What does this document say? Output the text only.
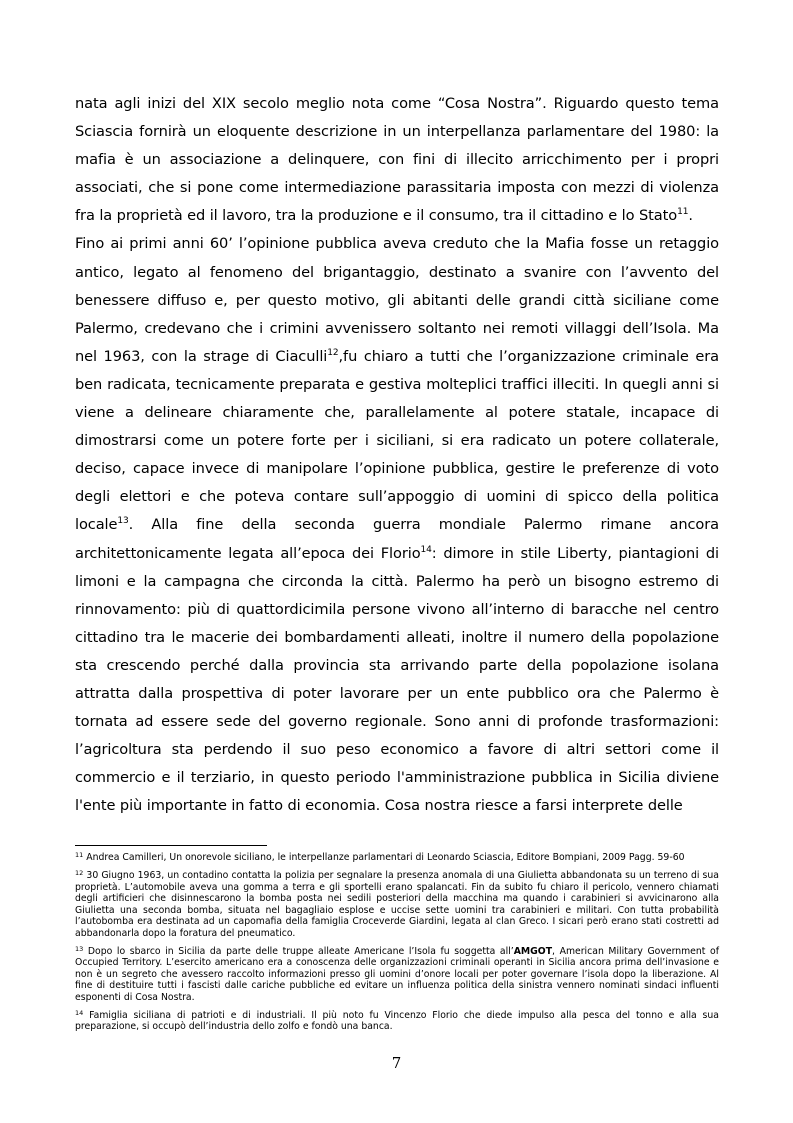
nata agli inizi del XIX secolo meglio nota come “Cosa Nostra”. Riguardo questo tema Sciascia fornirà un eloquente descrizione in un interpellanza parlamentare del 1980: la mafia è un associazione a delinquere, con fini di illecito arricchimento per i propri associati, che si pone come intermediazione parassitaria imposta con mezzi di violenza fra la proprietà ed il lavoro, tra la produzione e il consumo, tra il cittadino e lo Stato$^{11}$.

Fino ai primi anni 60’ l’opinione pubblica aveva creduto che la Mafia fosse un retaggio antico, legato al fenomeno del brigantaggio, destinato a svanire con l’avvento del benessere diffuso e, per questo motivo, gli abitanti delle grandi città siciliane come Palermo, credevano che i crimini avvenissero soltanto nei remoti villaggi dell’Isola. Ma nel 1963, con la strage di Ciaculli$^{12}$,fu chiaro a tutti che l’organizzazione criminale era ben radicata, tecnicamente preparata e gestiva molteplici traffici illeciti. In quegli anni si viene a delineare chiaramente che, parallelamente al potere statale, incapace di dimostrarsi come un potere forte per i siciliani, si era radicato un potere collaterale, deciso, capace invece di manipolare l’opinione pubblica, gestire le preferenze di voto degli elettori e che poteva contare sull’appoggio di uomini di spicco della politica locale$^{13}$. Alla fine della seconda guerra mondiale Palermo rimane ancora architettonicamente legata all’epoca dei Florio$^{14}$: dimore in stile Liberty, piantagioni di limoni e la campagna che circonda la città. Palermo ha però un bisogno estremo di rinnovamento: più di quattordicimila persone vivono all’interno di baracche nel centro cittadino tra le macerie dei bombardamenti alleati, inoltre il numero della popolazione sta crescendo perché dalla provincia sta arrivando parte della popolazione isolana attratta dalla prospettiva di poter lavorare per un ente pubblico ora che Palermo è tornata ad essere sede del governo regionale. Sono anni di profonde trasformazioni: l’agricoltura sta perdendo il suo peso economico a favore di altri settori come il commercio e il terziario, in questo periodo l'amministrazione pubblica in Sicilia diviene l'ente più importante in fatto di economia. Cosa nostra riesce a farsi interprete delle

$^{11}$ Andrea Camilleri, Un onorevole siciliano, le interpellanze parlamentari di Leonardo Sciascia, Editore Bompiani, 2009 Pagg. 59-60

$^{12}$ 30 Giugno 1963, un contadino contatta la polizia per segnalare la presenza anomala di una Giulietta abbandonata su un terreno di sua proprietà. L’automobile aveva una gomma a terra e gli sportelli erano spalancati. Fin da subito fu chiaro il pericolo, vennero chiamati degli artificieri che disinnescarono la bomba posta nei sedili posteriori della macchina ma quando i carabinieri si avvicinarono alla Giulietta una seconda bomba, situata nel bagagliaio esplose e uccise sette uomini tra carabinieri e militari. Con tutta probabilità l’autobomba era destinata ad un capomafia della famiglia Croceverde Giardini, legata al clan Greco. I sicari però erano stati costretti ad abbandonarla dopo la foratura del pneumatico.

$^{13}$ Dopo lo sbarco in Sicilia da parte delle truppe alleate Americane l’Isola fu soggetta all’AMGOT, American Military Government of Occupied Territory. L’esercito americano era a conoscenza delle organizzazioni criminali operanti in Sicilia ancora prima dell’invasione e non è un segreto che avessero raccolto informazioni presso gli uomini d’onore locali per poter governare l’isola dopo la liberazione. Al fine di destituire tutti i fascisti dalle cariche pubbliche ed evitare un influenza politica della sinistra vennero nominati sindaci influenti esponenti di Cosa Nostra.

$^{14}$ Famiglia siciliana di patrioti e di industriali. Il più noto fu Vincenzo Florio che diede impulso alla pesca del tonno e alla sua preparazione, si occupò dell’industria dello zolfo e fondò una banca.

7
